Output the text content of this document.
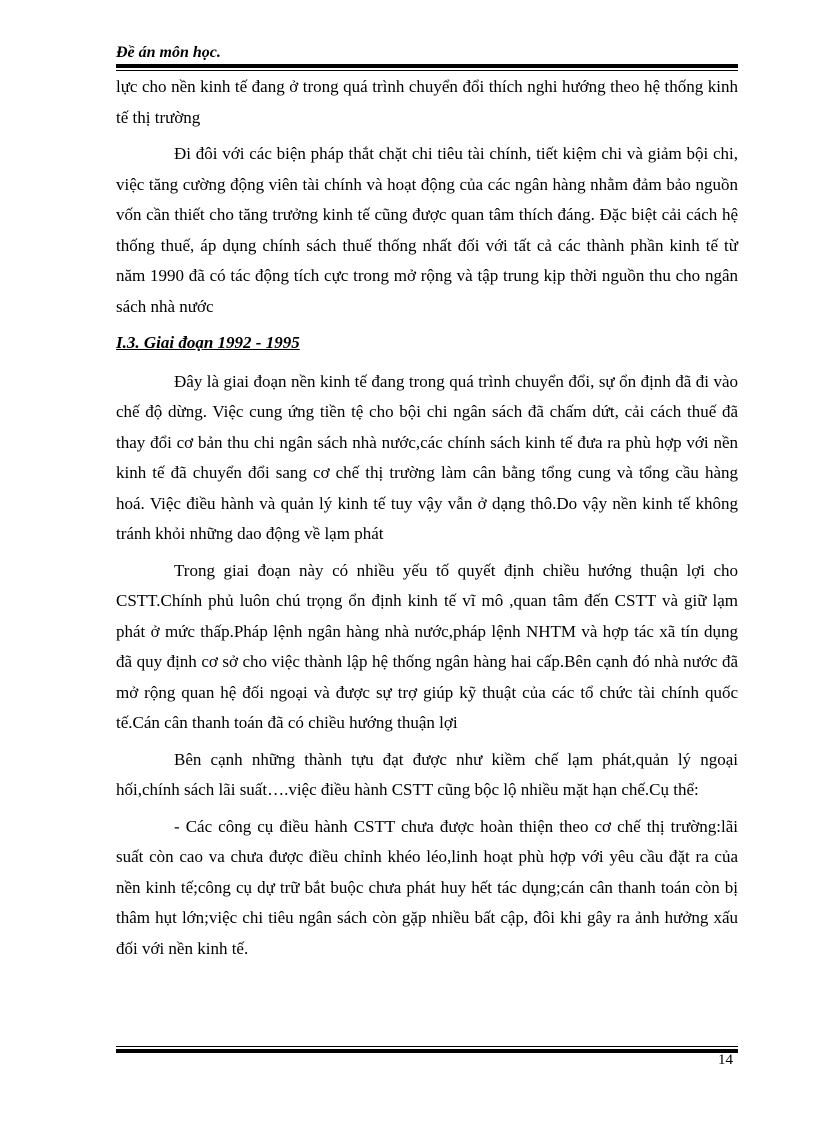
Đề án môn học.

lực cho nền kinh tế đang ở trong quá trình chuyển đổi thích nghi hướng theo hệ thống kinh tế thị trường

Đi đôi với các biện pháp thắt chặt chi tiêu tài chính, tiết kiệm chi và giảm bội chi, việc tăng cường động viên tài chính và hoạt động của các ngân hàng nhằm đảm bảo nguồn vốn cần thiết cho tăng trưởng kinh tế cũng được quan tâm thích đáng. Đặc biệt cải cách hệ thống thuế, áp dụng chính sách thuế thống nhất đối với tất cả các thành phần kinh tế từ năm 1990 đã có tác động tích cực trong mở rộng và tập trung kịp thời nguồn thu cho ngân sách nhà nước

I.3. Giai đoạn 1992 - 1995

Đây là giai đoạn nền kinh tế đang trong quá trình chuyển đổi, sự ổn định đã đi vào chế độ dừng. Việc cung ứng tiền tệ cho bội chi ngân sách đã chấm dứt, cải cách thuế đã thay đổi cơ bản thu chi ngân sách nhà nước,các chính sách kinh tế đưa ra phù hợp với nền kinh tế đã chuyển đổi sang cơ chế thị trường làm cân bằng tổng cung và tổng cầu hàng hoá. Việc điều hành và quản lý kinh tế tuy vậy vẫn ở dạng thô.Do vậy nền kinh tế không tránh khỏi những dao động về lạm phát

Trong giai đoạn này có nhiều yếu tố quyết định chiều hướng thuận lợi cho CSTT.Chính phủ luôn chú trọng ổn định kinh tế vĩ mô ,quan tâm đến CSTT và giữ lạm phát ở mức thấp.Pháp lệnh ngân hàng nhà nước,pháp lệnh NHTM và hợp tác xã tín dụng đã quy định cơ sở cho việc thành lập hệ thống ngân hàng hai cấp.Bên cạnh đó nhà nước đã mở rộng quan hệ đối ngoại và được sự trợ giúp kỹ thuật của các tổ chức tài chính quốc tế.Cán cân thanh toán đã có chiều hướng thuận lợi

Bên cạnh những thành tựu đạt được như kiềm chế lạm phát,quản lý ngoại hối,chính sách lãi suất….việc điều hành CSTT cũng bộc lộ nhiều mặt hạn chế.Cụ thể:

- Các công cụ điều hành CSTT chưa được hoàn thiện theo cơ chế thị trường:lãi suất còn cao va chưa được điều chỉnh khéo léo,linh hoạt phù hợp với yêu cầu đặt ra của nền kinh tế;công cụ dự trữ bắt buộc chưa phát huy hết tác dụng;cán cân thanh toán còn bị thâm hụt lớn;việc chi tiêu ngân sách còn gặp nhiều bất cập, đôi khi gây ra ảnh hưởng xấu đối với nền kinh tế.

14
